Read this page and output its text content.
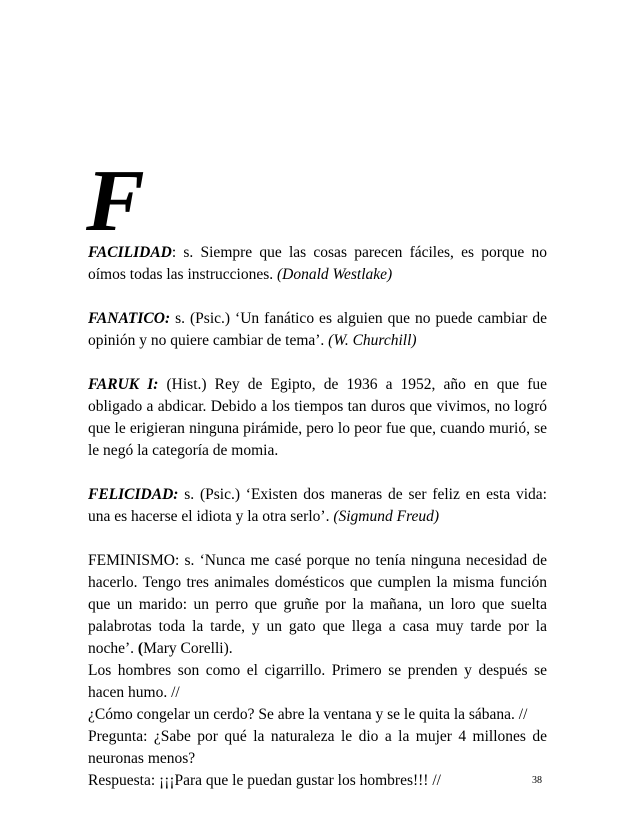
F

FACILIDAD: s. Siempre que las cosas parecen fáciles, es porque no oímos todas las instrucciones. (Donald Westlake)

FANATICO: s. (Psic.) ‘Un fanático es alguien que no puede cambiar de opinión y no quiere cambiar de tema’. (W. Churchill)

FARUK I: (Hist.) Rey de Egipto, de 1936 a 1952, año en que fue obligado a abdicar. Debido a los tiempos tan duros que vivimos, no logró que le erigieran ninguna pirámide, pero lo peor fue que, cuando murió, se le negó la categoría de momia.

FELICIDAD: s. (Psic.) ‘Existen dos maneras de ser feliz en esta vida: una es hacerse el idiota y la otra serlo’. (Sigmund Freud)

FEMINISMO: s. ‘Nunca me casé porque no tenía ninguna necesidad de hacerlo. Tengo tres animales domésticos que cumplen la misma función que un marido: un perro que gruñe por la mañana, un loro que suelta palabrotas toda la tarde, y un gato que llega a casa muy tarde por la noche’. (Mary Corelli).

Los hombres son como el cigarrillo. Primero se prenden y después se hacen humo. //

¿Cómo congelar un cerdo? Se abre la ventana y se le quita la sábana. //

Pregunta: ¿Sabe por qué la naturaleza le dio a la mujer 4 millones de neuronas menos?

Respuesta: ¡¡¡Para que le puedan gustar los hombres!!! //	38
